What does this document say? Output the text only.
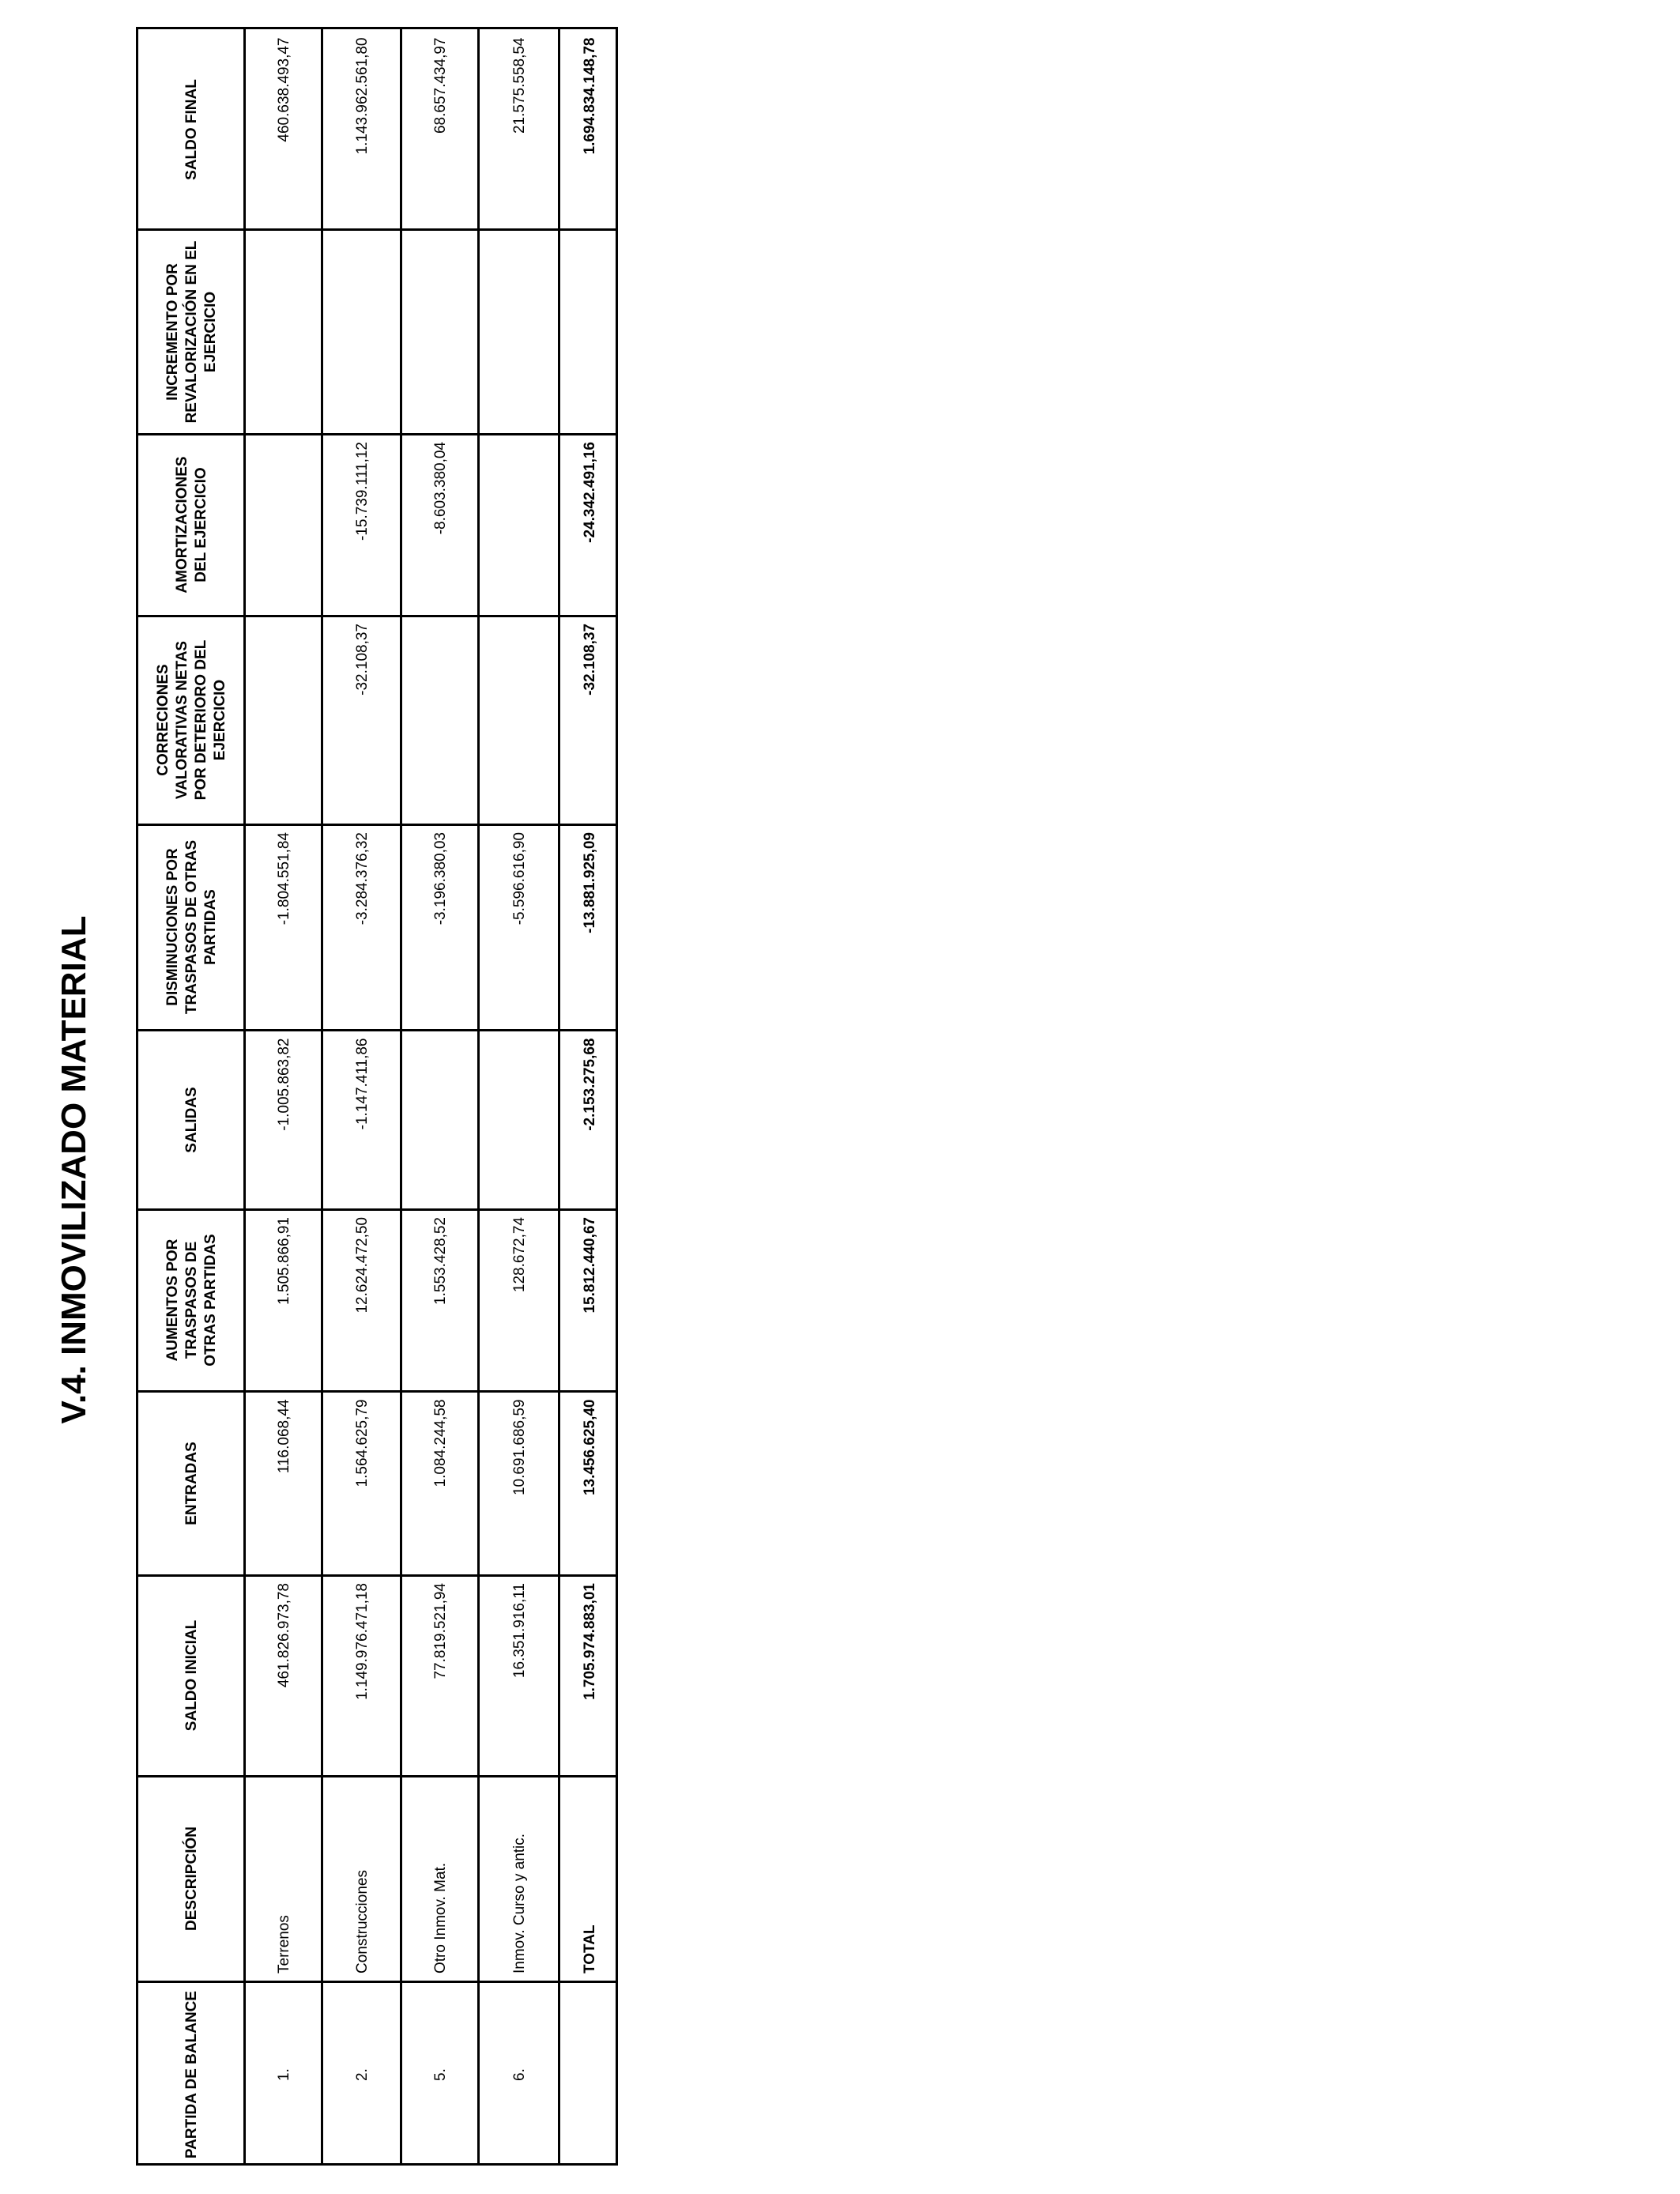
V.4. INMOVILIZADO MATERIAL
PARTIDA DE BALANCE
DESCRIPCIÓN
SALDO INICIAL
ENTRADAS
AUMENTOS POR TRASPASOS DE OTRAS PARTIDAS
SALIDAS
DISMINUCIONES POR TRASPASOS DE OTRAS PARTIDAS
CORRECIONES VALORATIVAS NETAS POR DETERIORO DEL EJERCICIO
AMORTIZACIONES DEL EJERCICIO
INCREMENTO POR REVALORIZACIÓN EN EL EJERCICIO
SALDO FINAL
1.
Terrenos
461.826.973,78
116.068,44
1.505.866,91
-1.005.863,82
-1.804.551,84
460.638.493,47
2.
Construcciones
1.149.976.471,18
1.564.625,79
12.624.472,50
-1.147.411,86
-3.284.376,32
-32.108,37
-15.739.111,12
1.143.962.561,80
5.
Otro Inmov. Mat.
77.819.521,94
1.084.244,58
1.553.428,52
-3.196.380,03
-8.603.380,04
68.657.434,97
6.
Inmov. Curso y antic.
16.351.916,11
10.691.686,59
128.672,74
-5.596.616,90
21.575.558,54
TOTAL
1.705.974.883,01
13.456.625,40
15.812.440,67
-2.153.275,68
-13.881.925,09
-32.108,37
-24.342.491,16
1.694.834.148,78
